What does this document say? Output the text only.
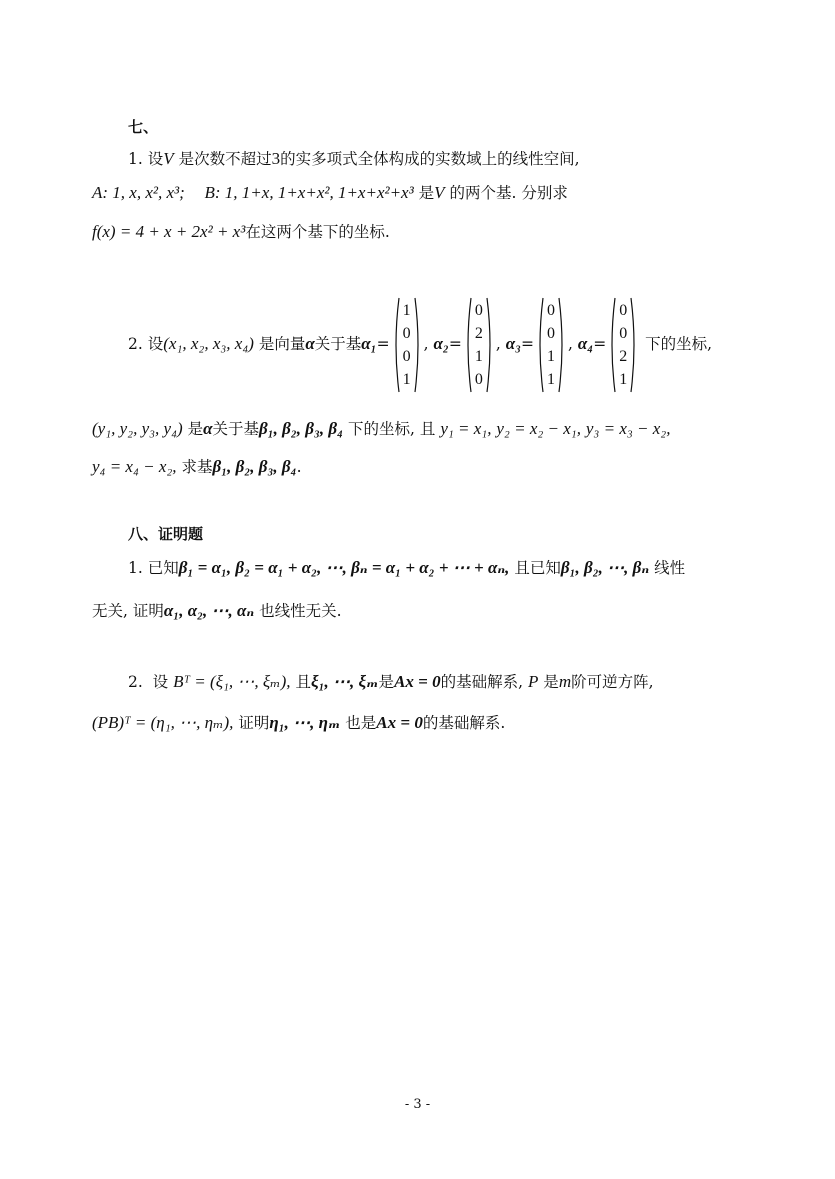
七、
1. 设V 是次数不超过3的实多项式全体构成的实数域上的线性空间,
A: 1, x, x², x³; B: 1, 1+x, 1+x+x², 1+x+x²+x³ 是V 的两个基. 分别求
f(x) = 4 + x + 2x² + x³在这两个基下的坐标.
2. 设(x₁, x₂, x₃, x₄) 是向量α关于基α₁=
1
0
0
1
, α₂=
0
2
1
0
, α₃=
0
0
1
1
, α₄=
0
0
2
1
下的坐标,
(y₁, y₂, y₃, y₄) 是α关于基β₁, β₂, β₃, β₄ 下的坐标, 且 y₁ = x₁, y₂ = x₂ − x₁, y₃ = x₃ − x₂,
y₄ = x₄ − x₂, 求基β₁, β₂, β₃, β₄.
八、证明题
1. 已知β₁ = α₁, β₂ = α₁ + α₂, ⋯, βₙ = α₁ + α₂ + ⋯ + αₙ, 且已知β₁, β₂, ⋯, βₙ 线性
无关, 证明α₁, α₂, ⋯, αₙ 也线性无关.
2.  设 Bᵀ = (ξ₁, ⋯, ξₘ), 且ξ₁, ⋯, ξₘ是Ax = 0的基础解系, P 是m阶可逆方阵,
(PB)ᵀ = (η₁, ⋯, ηₘ), 证明η₁, ⋯, ηₘ 也是Ax = 0的基础解系.
- 3 -
